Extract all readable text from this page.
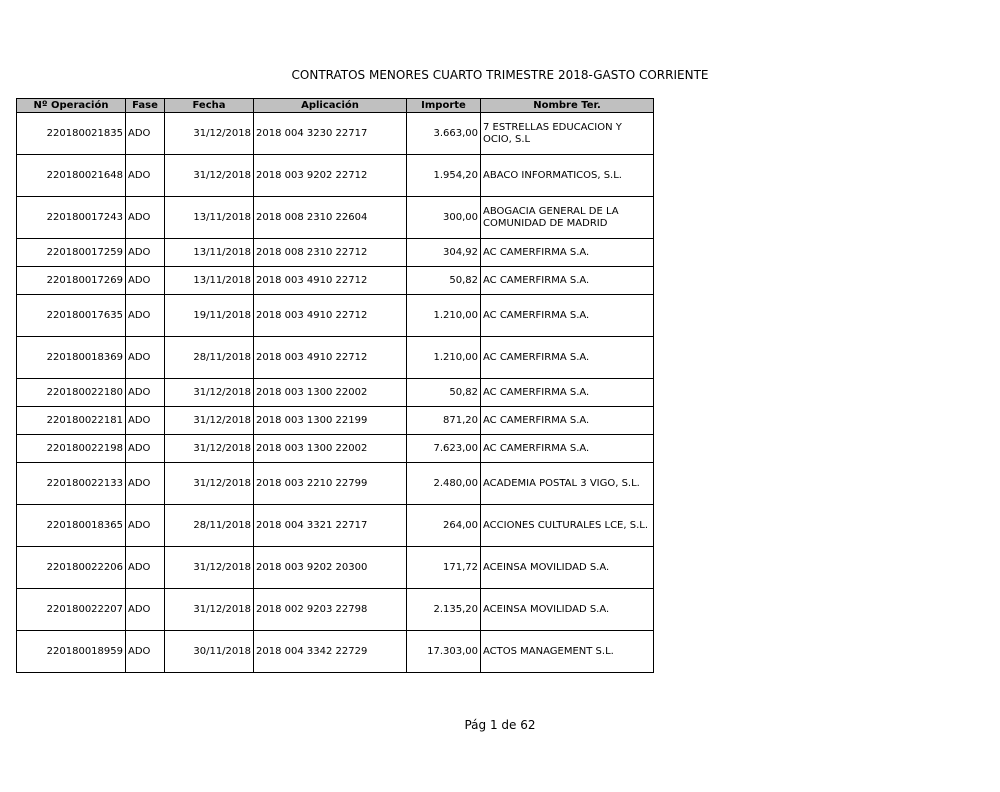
CONTRATOS MENORES CUARTO TRIMESTRE 2018-GASTO CORRIENTE
Nº Operación	Fase	Fecha	Aplicación	Importe	Nombre Ter.
220180021835	ADO	31/12/2018	2018 004 3230 22717	3.663,00	7 ESTRELLAS EDUCACION Y OCIO, S.L
220180021648	ADO	31/12/2018	2018 003 9202 22712	1.954,20	ABACO INFORMATICOS, S.L.
220180017243	ADO	13/11/2018	2018 008 2310 22604	300,00	ABOGACIA GENERAL DE LA COMUNIDAD DE MADRID
220180017259	ADO	13/11/2018	2018 008 2310 22712	304,92	AC CAMERFIRMA S.A.
220180017269	ADO	13/11/2018	2018 003 4910 22712	50,82	AC CAMERFIRMA S.A.
220180017635	ADO	19/11/2018	2018 003 4910 22712	1.210,00	AC CAMERFIRMA S.A.
220180018369	ADO	28/11/2018	2018 003 4910 22712	1.210,00	AC CAMERFIRMA S.A.
220180022180	ADO	31/12/2018	2018 003 1300 22002	50,82	AC CAMERFIRMA S.A.
220180022181	ADO	31/12/2018	2018 003 1300 22199	871,20	AC CAMERFIRMA S.A.
220180022198	ADO	31/12/2018	2018 003 1300 22002	7.623,00	AC CAMERFIRMA S.A.
220180022133	ADO	31/12/2018	2018 003 2210 22799	2.480,00	ACADEMIA POSTAL 3 VIGO, S.L.
220180018365	ADO	28/11/2018	2018 004 3321 22717	264,00	ACCIONES CULTURALES LCE, S.L.
220180022206	ADO	31/12/2018	2018 003 9202 20300	171,72	ACEINSA MOVILIDAD S.A.
220180022207	ADO	31/12/2018	2018 002 9203 22798	2.135,20	ACEINSA MOVILIDAD S.A.
220180018959	ADO	30/11/2018	2018 004 3342 22729	17.303,00	ACTOS MANAGEMENT S.L.
Pág 1 de 62
